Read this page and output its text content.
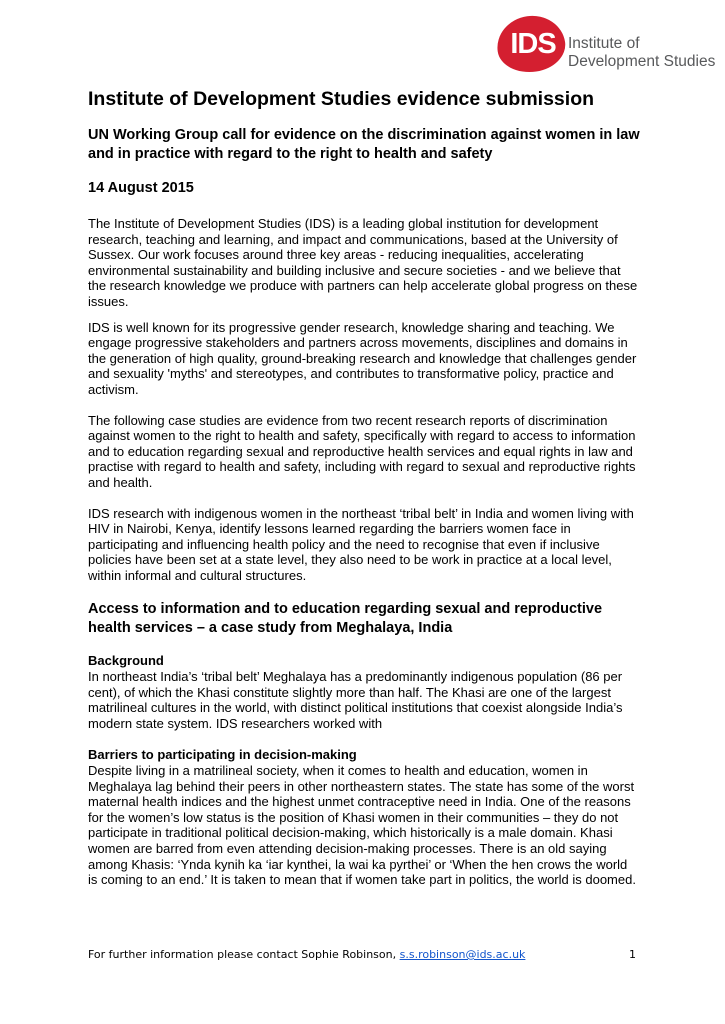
IDS Institute of
Development Studies
Institute of Development Studies evidence submission
UN Working Group call for evidence on the discrimination against women in law and in practice with regard to the right to health and safety
14 August 2015

The Institute of Development Studies (IDS) is a leading global institution for development research, teaching and learning, and impact and communications, based at the University of Sussex. Our work focuses around three key areas - reducing inequalities, accelerating environmental sustainability and building inclusive and secure societies - and we believe that the research knowledge we produce with partners can help accelerate global progress on these issues.

IDS is well known for its progressive gender research, knowledge sharing and teaching. We engage progressive stakeholders and partners across movements, disciplines and domains in the generation of high quality, ground-breaking research and knowledge that challenges gender and sexuality 'myths' and stereotypes, and contributes to transformative policy, practice and activism.

The following case studies are evidence from two recent research reports of discrimination against women to the right to health and safety, specifically with regard to access to information and to education regarding sexual and reproductive health services and equal rights in law and practise with regard to health and safety, including with regard to sexual and reproductive rights and health.

IDS research with indigenous women in the northeast ‘tribal belt’ in India and women living with HIV in Nairobi, Kenya, identify lessons learned regarding the barriers women face in participating and influencing health policy and the need to recognise that even if inclusive policies have been set at a state level, they also need to be work in practice at a local level, within informal and cultural structures.

Access to information and to education regarding sexual and reproductive health services – a case study from Meghalaya, India
Background

In northeast India’s ‘tribal belt’ Meghalaya has a predominantly indigenous population (86 per cent), of which the Khasi constitute slightly more than half. The Khasi are one of the largest matrilineal cultures in the world, with distinct political institutions that coexist alongside India’s modern state system. IDS researchers worked with

Barriers to participating in decision-making

Despite living in a matrilineal society, when it comes to health and education, women in Meghalaya lag behind their peers in other northeastern states. The state has some of the worst maternal health indices and the highest unmet contraceptive need in India. One of the reasons for the women’s low status is the position of Khasi women in their communities – they do not participate in traditional political decision-making, which historically is a male domain. Khasi women are barred from even attending decision-making processes. There is an old saying among Khasis: ‘Ynda kynih ka ‘iar kynthei, la wai ka pyrthei’ or ‘When the hen crows the world is coming to an end.’ It is taken to mean that if women take part in politics, the world is doomed.

For further information please contact Sophie Robinson, s.s.robinson@ids.ac.uk	1
